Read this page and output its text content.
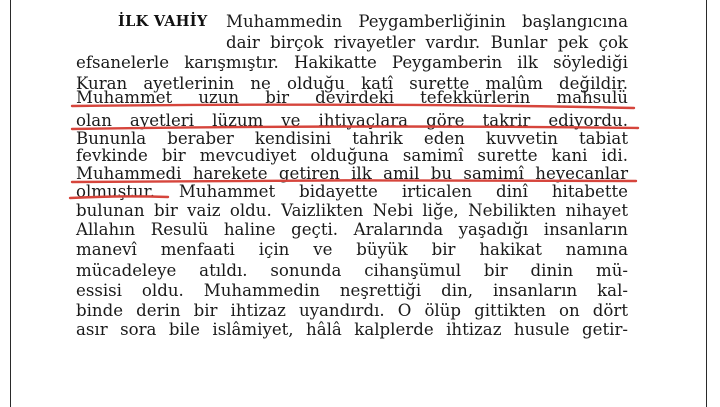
İLK VAHİY Muhammedin Peygamberliğinin başlangıcına
dair birçok rivayetler vardır. Bunlar pek çok
efsanelerle karışmıştır. Hakikatte Peygamberin ilk söylediği
Kuran ayetlerinin ne olduğu katî surette malûm değildir.
Muhammet uzun bir devirdeki tefekkürlerin mahsulü
olan ayetleri lüzum ve ihtiyaçlara göre takrir ediyordu.
Bununla beraber kendisini tahrik eden kuvvetin tabiat
fevkinde bir mevcudiyet olduğuna samimî surette kani idi.
Muhammedi harekete getiren ilk amil bu samimî heyecanlar
olmuştur. Muhammet bidayette irticalen dinî hitabette
bulunan bir vaiz oldu. Vaizlikten Nebi liğe, Nebilikten nihayet
Allahın Resulü haline geçti. Aralarında yaşadığı insanların
manevî menfaati için ve büyük bir hakikat namına
mücadeleye atıldı. sonunda cihanşümul bir dinin mü-
essisi oldu. Muhammedin neşrettiği din, insanların kal-
binde derin bir ihtizaz uyandırdı. O ölüp gittikten on dört
asır sora bile islâmiyet, hâlâ kalplerde ihtizaz husule getir-
